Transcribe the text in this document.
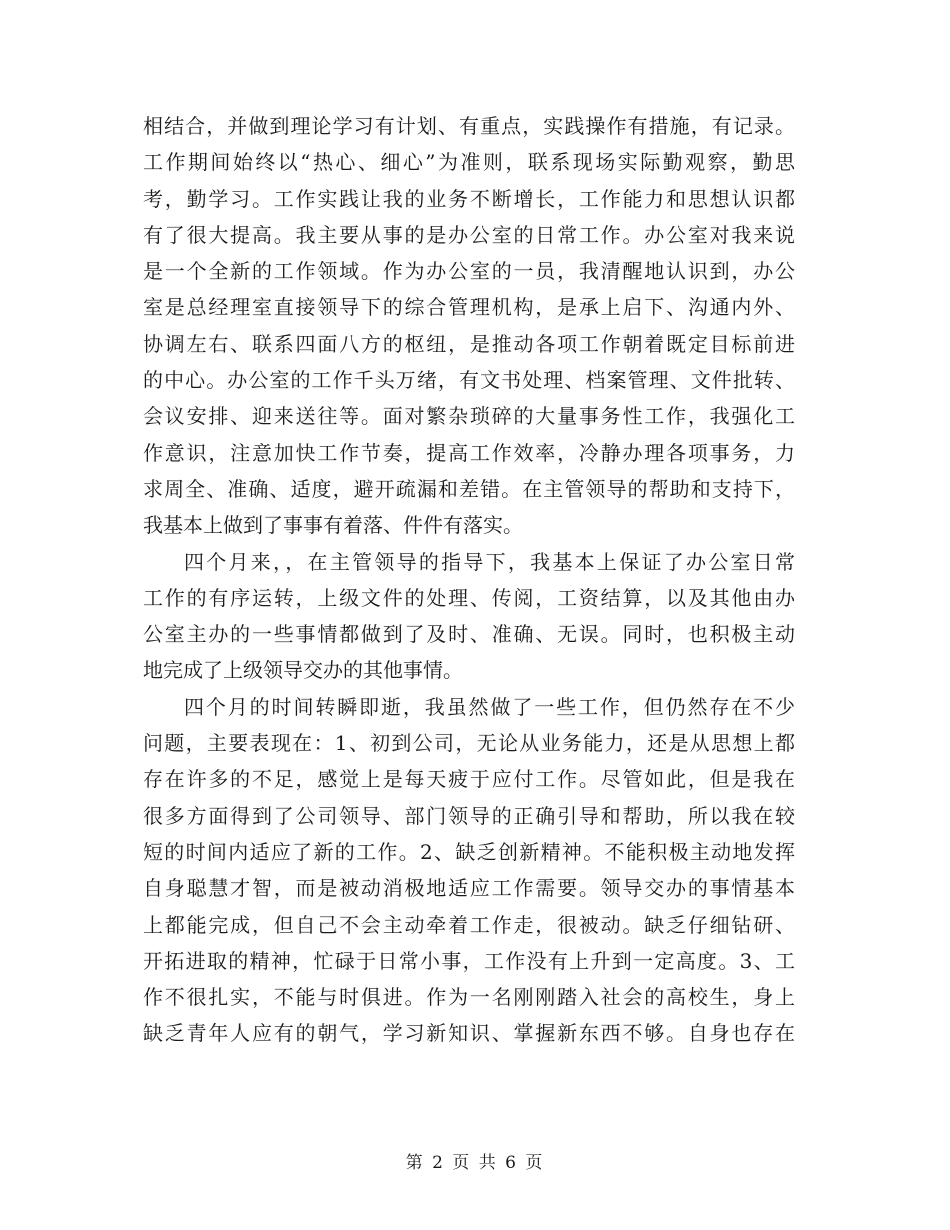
相结合，并做到理论学习有计划、有重点，实践操作有措施，有记录。
工作期间始终以“热心、细心”为准则，联系现场实际勤观察，勤思
考，勤学习。工作实践让我的业务不断增长，工作能力和思想认识都
有了很大提高。我主要从事的是办公室的日常工作。办公室对我来说
是一个全新的工作领域。作为办公室的一员，我清醒地认识到，办公
室是总经理室直接领导下的综合管理机构，是承上启下、沟通内外、
协调左右、联系四面八方的枢纽，是推动各项工作朝着既定目标前进
的中心。办公室的工作千头万绪，有文书处理、档案管理、文件批转、
会议安排、迎来送往等。面对繁杂琐碎的大量事务性工作，我强化工
作意识，注意加快工作节奏，提高工作效率，冷静办理各项事务，力
求周全、准确、适度，避开疏漏和差错。在主管领导的帮助和支持下，
我基本上做到了事事有着落、件件有落实。
四个月来，，在主管领导的指导下，我基本上保证了办公室日常
工作的有序运转，上级文件的处理、传阅，工资结算，以及其他由办
公室主办的一些事情都做到了及时、准确、无误。同时，也积极主动
地完成了上级领导交办的其他事情。
四个月的时间转瞬即逝，我虽然做了一些工作，但仍然存在不少
问题，主要表现在：1、初到公司，无论从业务能力，还是从思想上都
存在许多的不足，感觉上是每天疲于应付工作。尽管如此，但是我在
很多方面得到了公司领导、部门领导的正确引导和帮助，所以我在较
短的时间内适应了新的工作。2、缺乏创新精神。不能积极主动地发挥
自身聪慧才智，而是被动消极地适应工作需要。领导交办的事情基本
上都能完成，但自己不会主动牵着工作走，很被动。缺乏仔细钻研、
开拓进取的精神，忙碌于日常小事，工作没有上升到一定高度。3、工
作不很扎实，不能与时俱进。作为一名刚刚踏入社会的高校生，身上
缺乏青年人应有的朝气，学习新知识、掌握新东西不够。自身也存在
第 2 页 共 6 页
